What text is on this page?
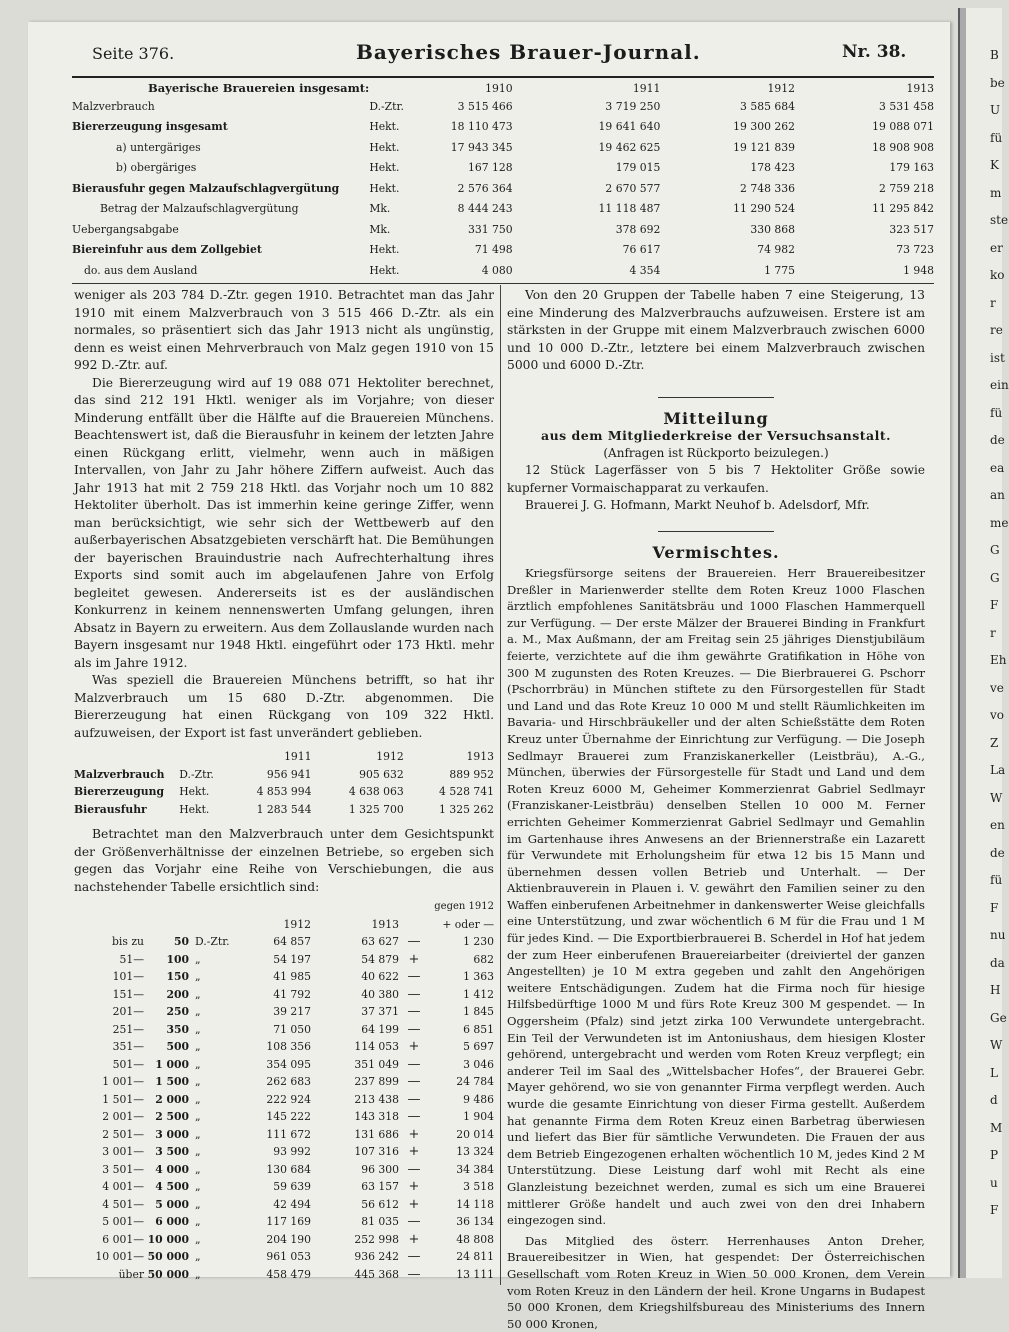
B
be
U
fü
K
m
ste
er
ko
r
re
ist
ein
fü
de
ea
an
me
G
G
F
r
Eh
ve
vo
Z
La
W
en
de
fü
F
nu
da
H
Ge
W
L
d
M
P
u
F
Seite 376.	Bayerisches Brauer-Journal.	Nr. 38.
Bayerische Brauereien insgesamt:		1910	1911	1912	1913
Malzverbrauch	D.-Ztr.	3 515 466	3 719 250	3 585 684	3 531 458
Biererzeugung insgesamt	Hekt.	18 110 473	19 641 640	19 300 262	19 088 071
a) untergäriges	Hekt.	17 943 345	19 462 625	19 121 839	18 908 908
b) obergäriges	Hekt.	167 128	179 015	178 423	179 163
Bierausfuhr gegen Malzaufschlagvergütung	Hekt.	2 576 364	2 670 577	2 748 336	2 759 218
Betrag der Malzaufschlagvergütung	Mk.	8 444 243	11 118 487	11 290 524	11 295 842
Uebergangsabgabe	Mk.	331 750	378 692	330 868	323 517
Biereinfuhr aus dem Zollgebiet	Hekt.	71 498	76 617	74 982	73 723
do. aus dem Ausland	Hekt.	4 080	4 354	1 775	1 948

weniger als 203 784 D.-Ztr. gegen 1910. Betrachtet man das Jahr 1910 mit einem Malzverbrauch von 3 515 466 D.-Ztr. als ein normales, so präsentiert sich das Jahr 1913 nicht als ungünstig, denn es weist einen Mehrverbrauch von Malz gegen 1910 von 15 992 D.-Ztr. auf.

Die Biererzeugung wird auf 19 088 071 Hektoliter berechnet, das sind 212 191 Hktl. weniger als im Vorjahre; von dieser Minderung entfällt über die Hälfte auf die Brauereien Münchens. Beachtenswert ist, daß die Bierausfuhr in keinem der letzten Jahre einen Rückgang erlitt, vielmehr, wenn auch in mäßigen Intervallen, von Jahr zu Jahr höhere Ziffern aufweist. Auch das Jahr 1913 hat mit 2 759 218 Hktl. das Vorjahr noch um 10 882 Hektoliter überholt. Das ist immerhin keine geringe Ziffer, wenn man berücksichtigt, wie sehr sich der Wettbewerb auf den außerbayerischen Absatzgebieten verschärft hat. Die Bemühungen der bayerischen Brauindustrie nach Aufrechterhaltung ihres Exports sind somit auch im abgelaufenen Jahre von Erfolg begleitet gewesen. Andererseits ist es der ausländischen Konkurrenz in keinem nennenswerten Umfang gelungen, ihren Absatz in Bayern zu erweitern. Aus dem Zollauslande wurden nach Bayern insgesamt nur 1948 Hktl. eingeführt oder 173 Hktl. mehr als im Jahre 1912.

Was speziell die Brauereien Münchens betrifft, so hat ihr Malzverbrauch um 15 680 D.-Ztr. abgenommen. Die Biererzeugung hat einen Rückgang von 109 322 Hktl. aufzuweisen, der Export ist fast unverändert geblieben.

		1911	1912	1913
Malzverbrauch	D.-Ztr.	956 941	905 632	889 952
Biererzeugung	Hekt.	4 853 994	4 638 063	4 528 741
Bierausfuhr	Hekt.	1 283 544	1 325 700	1 325 262

Betrachtet man den Malzverbrauch unter dem Gesichtspunkt der Größenverhältnisse der einzelnen Betriebe, so ergeben sich gegen das Vorjahr eine Reihe von Verschiebungen, die aus nachstehender Tabelle ersichtlich sind:

					gegen 1912	
			1912	1913	+ oder —	
bis zu	50	D.-Ztr.	64 857	63 627	—	1 230
51—	100	„	54 197	54 879	+	682
101—	150	„	41 985	40 622	—	1 363
151—	200	„	41 792	40 380	—	1 412
201—	250	„	39 217	37 371	—	1 845
251—	350	„	71 050	64 199	—	6 851
351—	500	„	108 356	114 053	+	5 697
501—	1 000	„	354 095	351 049	—	3 046
1 001—	1 500	„	262 683	237 899	—	24 784
1 501—	2 000	„	222 924	213 438	—	9 486
2 001—	2 500	„	145 222	143 318	—	1 904
2 501—	3 000	„	111 672	131 686	+	20 014
3 001—	3 500	„	93 992	107 316	+	13 324
3 501—	4 000	„	130 684	96 300	—	34 384
4 001—	4 500	„	59 639	63 157	+	3 518
4 501—	5 000	„	42 494	56 612	+	14 118
5 001—	6 000	„	117 169	81 035	—	36 134
6 001—	10 000	„	204 190	252 998	+	48 808
10 001—	50 000	„	961 053	936 242	—	24 811
über	50 000	„	458 479	445 368	—	13 111

Von den 20 Gruppen der Tabelle haben 7 eine Steigerung, 13 eine Minderung des Malzverbrauchs aufzuweisen. Erstere ist am stärksten in der Gruppe mit einem Malzverbrauch zwischen 6000 und 10 000 D.-Ztr., letztere bei einem Malzverbrauch zwischen 5000 und 6000 D.-Ztr.

Mitteilung
aus dem Mitgliederkreise der Versuchsanstalt.
(Anfragen ist Rückporto beizulegen.)

12 Stück Lagerfässer von 5 bis 7 Hektoliter Größe sowie kupferner Vormaischapparat zu verkaufen.

Brauerei J. G. Hofmann, Markt Neuhof b. Adelsdorf, Mfr.

Vermischtes.

Kriegsfürsorge seitens der Brauereien. Herr Brauereibesitzer Dreßler in Marienwerder stellte dem Roten Kreuz 1000 Flaschen ärztlich empfohlenes Sanitätsbräu und 1000 Flaschen Hammerquell zur Verfügung. — Der erste Mälzer der Brauerei Binding in Frankfurt a. M., Max Außmann, der am Freitag sein 25 jähriges Dienstjubiläum feierte, verzichtete auf die ihm gewährte Gratifikation in Höhe von 300 M zugunsten des Roten Kreuzes. — Die Bierbrauerei G. Pschorr (Pschorrbräu) in München stiftete zu den Fürsorgestellen für Stadt und Land und das Rote Kreuz 10 000 M und stellt Räumlichkeiten im Bavaria- und Hirschbräukeller und der alten Schießstätte dem Roten Kreuz unter Übernahme der Einrichtung zur Verfügung. — Die Joseph Sedlmayr Brauerei zum Franziskanerkeller (Leistbräu), A.-G., München, überwies der Fürsorgestelle für Stadt und Land und dem Roten Kreuz 6000 M, Geheimer Kommerzienrat Gabriel Sedlmayr (Franziskaner-Leistbräu) denselben Stellen 10 000 M. Ferner errichten Geheimer Kommerzienrat Gabriel Sedlmayr und Gemahlin im Gartenhause ihres Anwesens an der Briennerstraße ein Lazarett für Verwundete mit Erholungsheim für etwa 12 bis 15 Mann und übernehmen dessen vollen Betrieb und Unterhalt. — Der Aktienbrauverein in Plauen i. V. gewährt den Familien seiner zu den Waffen einberufenen Arbeitnehmer in dankenswerter Weise gleichfalls eine Unterstützung, und zwar wöchentlich 6 M für die Frau und 1 M für jedes Kind. — Die Exportbierbrauerei B. Scherdel in Hof hat jedem der zum Heer einberufenen Brauereiarbeiter (dreiviertel der ganzen Angestellten) je 10 M extra gegeben und zahlt den Angehörigen weitere Entschädigungen. Zudem hat die Firma noch für hiesige Hilfsbedürftige 1000 M und fürs Rote Kreuz 300 M gespendet. — In Oggersheim (Pfalz) sind jetzt zirka 100 Verwundete untergebracht. Ein Teil der Verwundeten ist im Antoniushaus, dem hiesigen Kloster gehörend, untergebracht und werden vom Roten Kreuz verpflegt; ein anderer Teil im Saal des „Wittelsbacher Hofes“, der Brauerei Gebr. Mayer gehörend, wo sie von genannter Firma verpflegt werden. Auch wurde die gesamte Einrichtung von dieser Firma gestellt. Außerdem hat genannte Firma dem Roten Kreuz einen Barbetrag überwiesen und liefert das Bier für sämtliche Verwundeten. Die Frauen der aus dem Betrieb Eingezogenen erhalten wöchentlich 10 M, jedes Kind 2 M Unterstützung. Diese Leistung darf wohl mit Recht als eine Glanzleistung bezeichnet werden, zumal es sich um eine Brauerei mittlerer Größe handelt und auch zwei von den drei Inhabern eingezogen sind.

Das Mitglied des österr. Herrenhauses Anton Dreher, Brauereibesitzer in Wien, hat gespendet: Der Österreichischen Gesellschaft vom Roten Kreuz in Wien 50 000 Kronen, dem Verein vom Roten Kreuz in den Ländern der heil. Krone Ungarns in Budapest 50 000 Kronen, dem Kriegshilfsbureau des Ministeriums des Innern 50 000 Kronen,
